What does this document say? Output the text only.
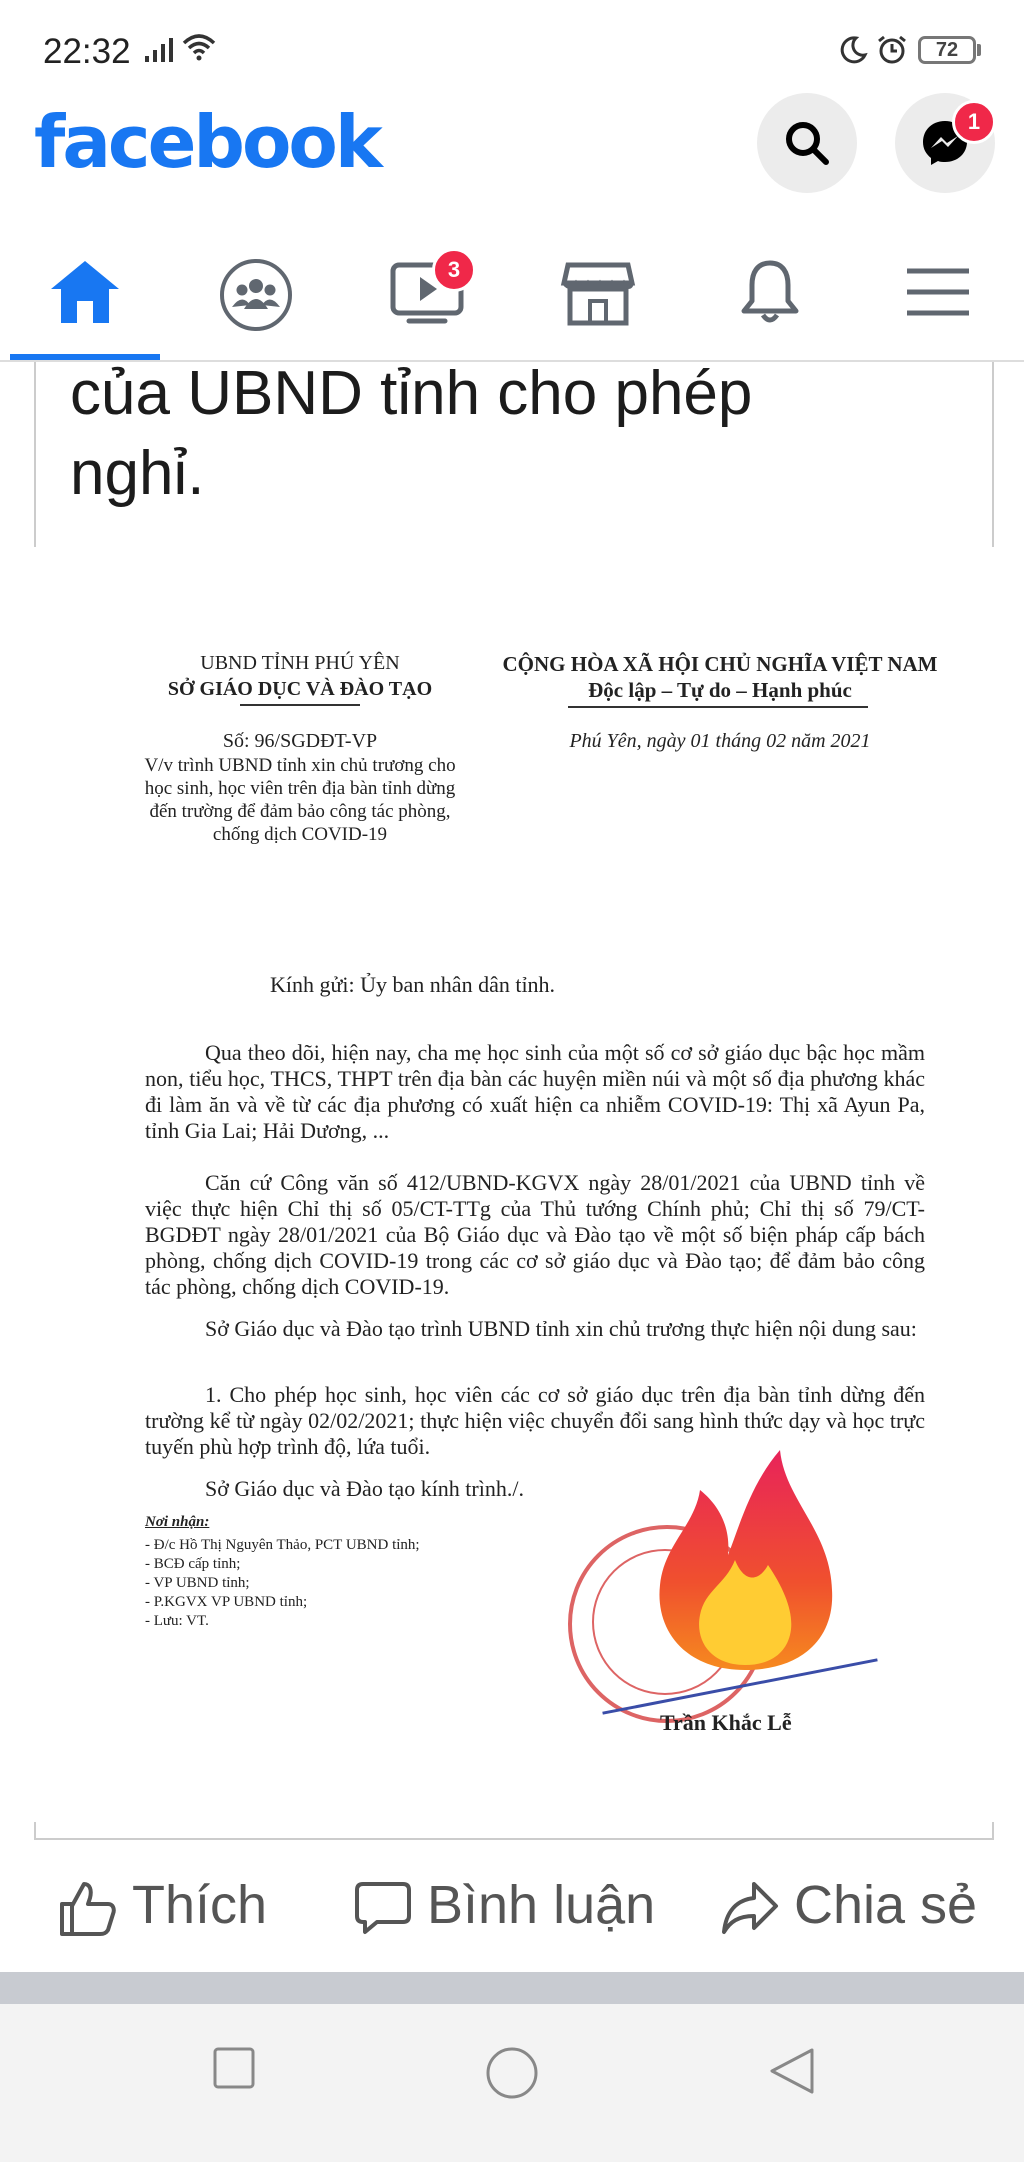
22:32	72
facebook	1
3
của UBND tỉnh cho phép
nghỉ.
UBND TỈNH PHÚ YÊN
SỞ GIÁO DỤC VÀ ĐÀO TẠO
CỘNG HÒA XÃ HỘI CHỦ NGHĨA VIỆT NAM
Độc lập – Tự do – Hạnh phúc
Số: 96/SGDĐT-VP
V/v trình UBND tỉnh xin chủ trương cho học sinh, học viên trên địa bàn tỉnh dừng đến trường để đảm bảo công tác phòng, chống dịch COVID-19
Phú Yên, ngày 01 tháng 02 năm 2021
Kính gửi: Ủy ban nhân dân tỉnh.
Qua theo dõi, hiện nay, cha mẹ học sinh của một số cơ sở giáo dục bậc học mầm non, tiểu học, THCS, THPT trên địa bàn các huyện miền núi và một số địa phương khác đi làm ăn và về từ các địa phương có xuất hiện ca nhiễm COVID-19: Thị xã Ayun Pa, tỉnh Gia Lai; Hải Dương, ...
Căn cứ Công văn số 412/UBND-KGVX ngày 28/01/2021 của UBND tỉnh về việc thực hiện Chỉ thị số 05/CT-TTg của Thủ tướng Chính phủ; Chỉ thị số 79/CT-BGDĐT ngày 28/01/2021 của Bộ Giáo dục và Đào tạo về một số biện pháp cấp bách phòng, chống dịch COVID-19 trong các cơ sở giáo dục và Đào tạo; để đảm bảo công tác phòng, chống dịch COVID-19.
Sở Giáo dục và Đào tạo trình UBND tỉnh xin chủ trương thực hiện nội dung sau:
1. Cho phép học sinh, học viên các cơ sở giáo dục trên địa bàn tỉnh dừng đến trường kể từ ngày 02/02/2021; thực hiện việc chuyển đổi sang hình thức dạy và học trực tuyến phù hợp trình độ, lứa tuổi.
Sở Giáo dục và Đào tạo kính trình./.
Nơi nhận:
- Đ/c Hồ Thị Nguyên Thảo, PCT UBND tỉnh;
- BCĐ cấp tỉnh;
- VP UBND tỉnh;
- P.KGVX VP UBND tỉnh;
- Lưu: VT.
Trần Khắc Lễ
Thích	Bình luận	Chia sẻ
